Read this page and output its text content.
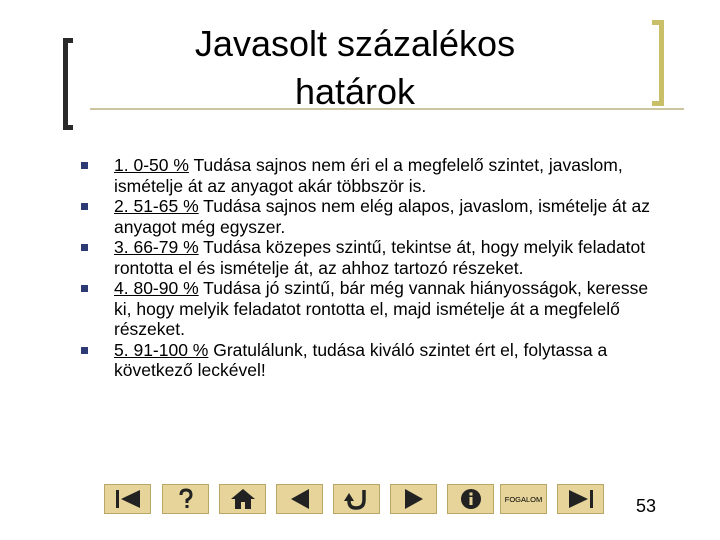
Javasolt százalékos
határok
1. 0-50 % Tudása sajnos nem éri el a megfelelő szintet, javaslom, ismételje át az anyagot akár többször is.
2. 51-65 % Tudása sajnos nem elég alapos, javaslom, ismételje át az anyagot még egyszer.
3. 66-79 % Tudása közepes szintű, tekintse át, hogy melyik feladatot rontotta el és ismételje át, az ahhoz tartozó részeket.
4. 80-90 % Tudása jó szintű, bár még vannak hiányosságok, keresse ki, hogy melyik feladatot rontotta el, majd ismételje át a megfelelő részeket.
5. 91-100 % Gratulálunk, tudása kiváló szintet ért el, folytassa a következő leckével!
FOGALOM	53
